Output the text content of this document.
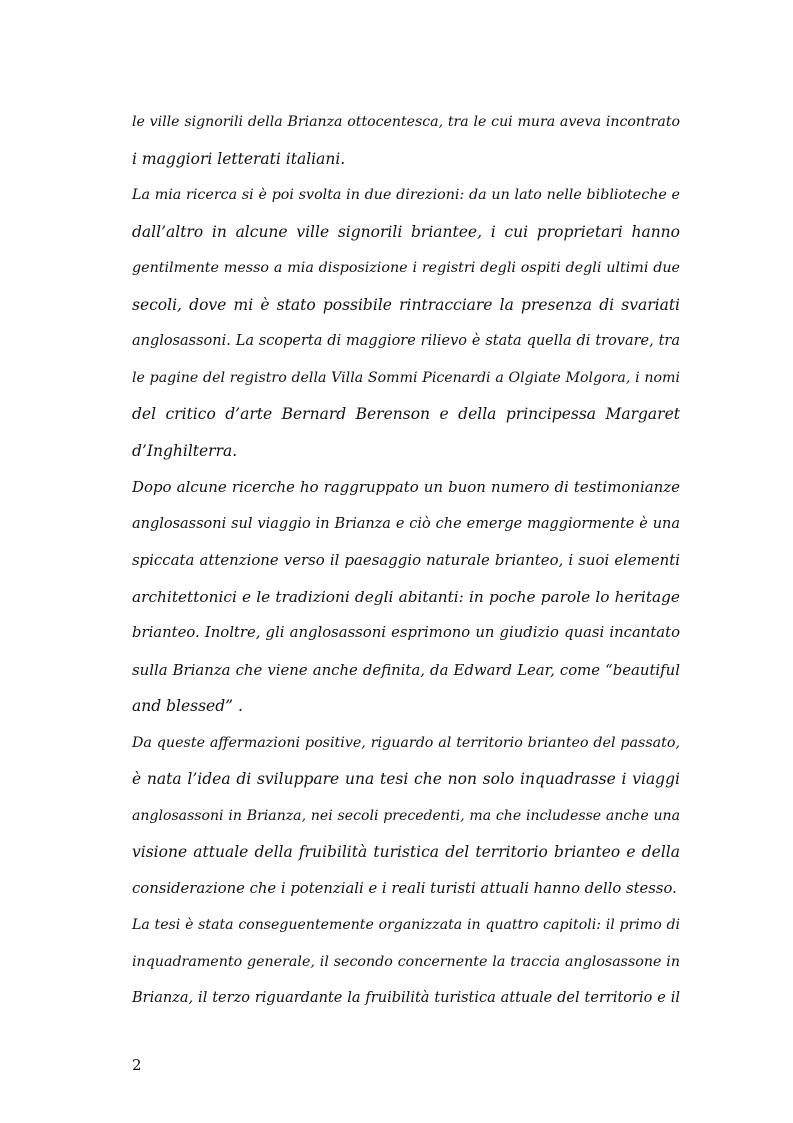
le ville signorili della Brianza ottocentesca, tra le cui mura aveva incontrato
i maggiori letterati italiani.
La mia ricerca si è poi svolta in due direzioni: da un lato nelle biblioteche e
dall’altro in alcune ville signorili briantee, i cui proprietari hanno
gentilmente messo a mia disposizione i registri degli ospiti degli ultimi due
secoli, dove mi è stato possibile rintracciare la presenza di svariati
anglosassoni. La scoperta di maggiore rilievo è stata quella di trovare, tra
le pagine del registro della Villa Sommi Picenardi a Olgiate Molgora, i nomi
del critico d’arte Bernard Berenson e della principessa Margaret
d’Inghilterra.
Dopo alcune ricerche ho raggruppato un buon numero di testimonianze
anglosassoni sul viaggio in Brianza e ciò che emerge maggiormente è una
spiccata attenzione verso il paesaggio naturale brianteo, i suoi elementi
architettonici e le tradizioni degli abitanti: in poche parole lo heritage
brianteo. Inoltre, gli anglosassoni esprimono un giudizio quasi incantato
sulla Brianza che viene anche definita, da Edward Lear, come “beautiful
and blessed” .
Da queste affermazioni positive, riguardo al territorio brianteo del passato,
è nata l’idea di sviluppare una tesi che non solo inquadrasse i viaggi
anglosassoni in Brianza, nei secoli precedenti, ma che includesse anche una
visione attuale della fruibilità turistica del territorio brianteo e della
considerazione che i potenziali e i reali turisti attuali hanno dello stesso.
La tesi è stata conseguentemente organizzata in quattro capitoli: il primo di
inquadramento generale, il secondo concernente la traccia anglosassone in
Brianza, il terzo riguardante la fruibilità turistica attuale del territorio e il
2
